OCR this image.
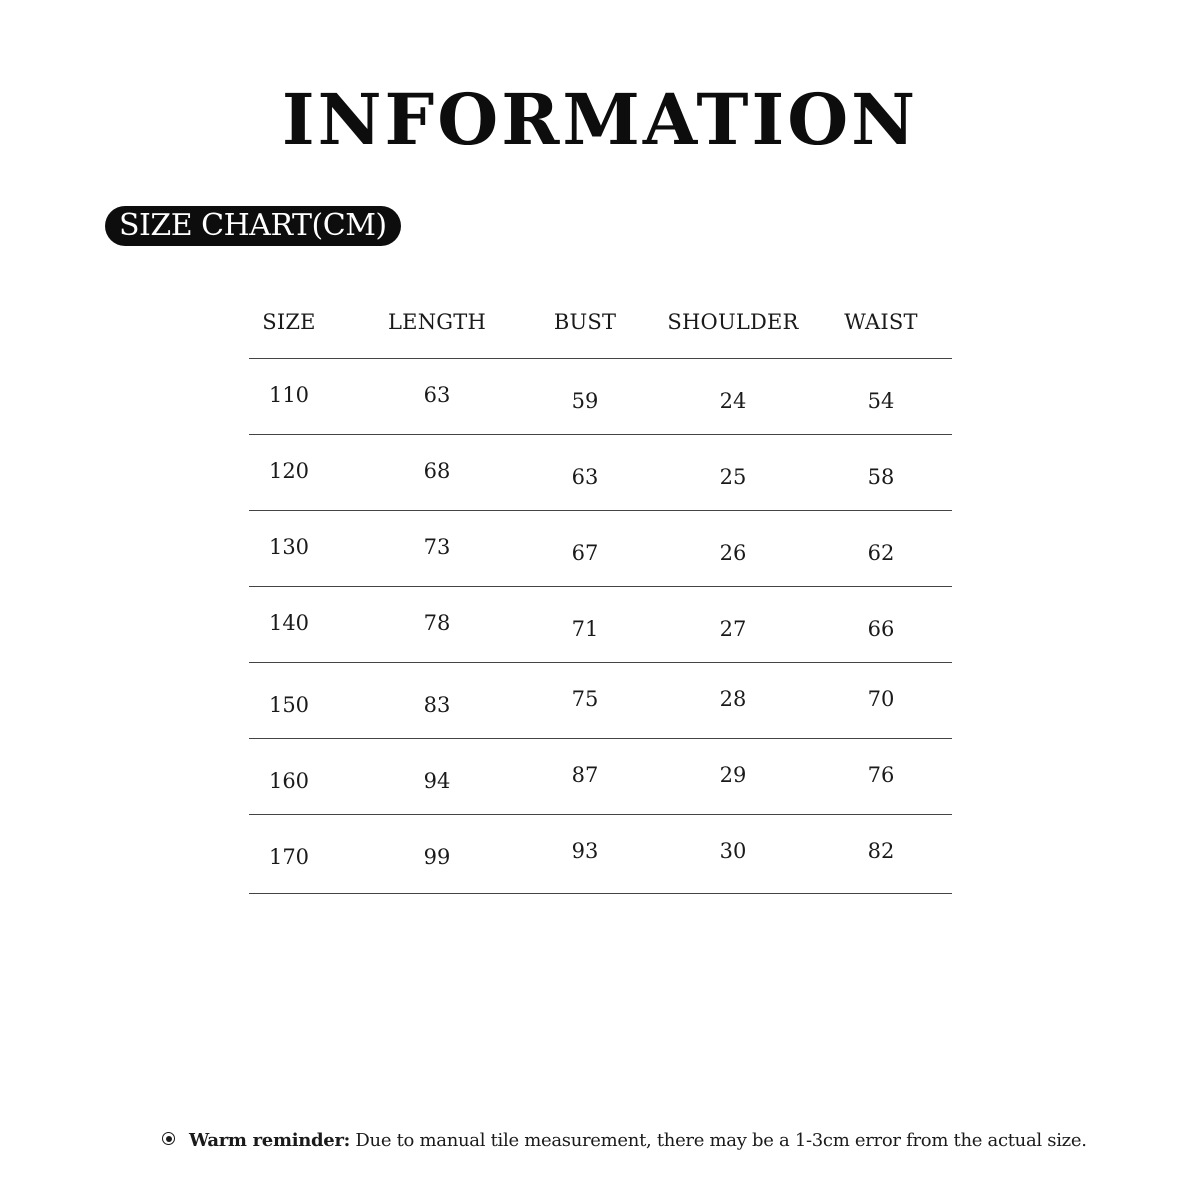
INFORMATION
SIZE CHART(CM)
SIZE	LENGTH	BUST	SHOULDER	WAIST
110	63	59	24	54
120	68	63	25	58
130	73	67	26	62
140	78	71	27	66
150	83	75	28	70
160	94	87	29	76
170	99	93	30	82
Warm reminder: Due to manual tile measurement, there may be a 1-3cm error from the actual size.
